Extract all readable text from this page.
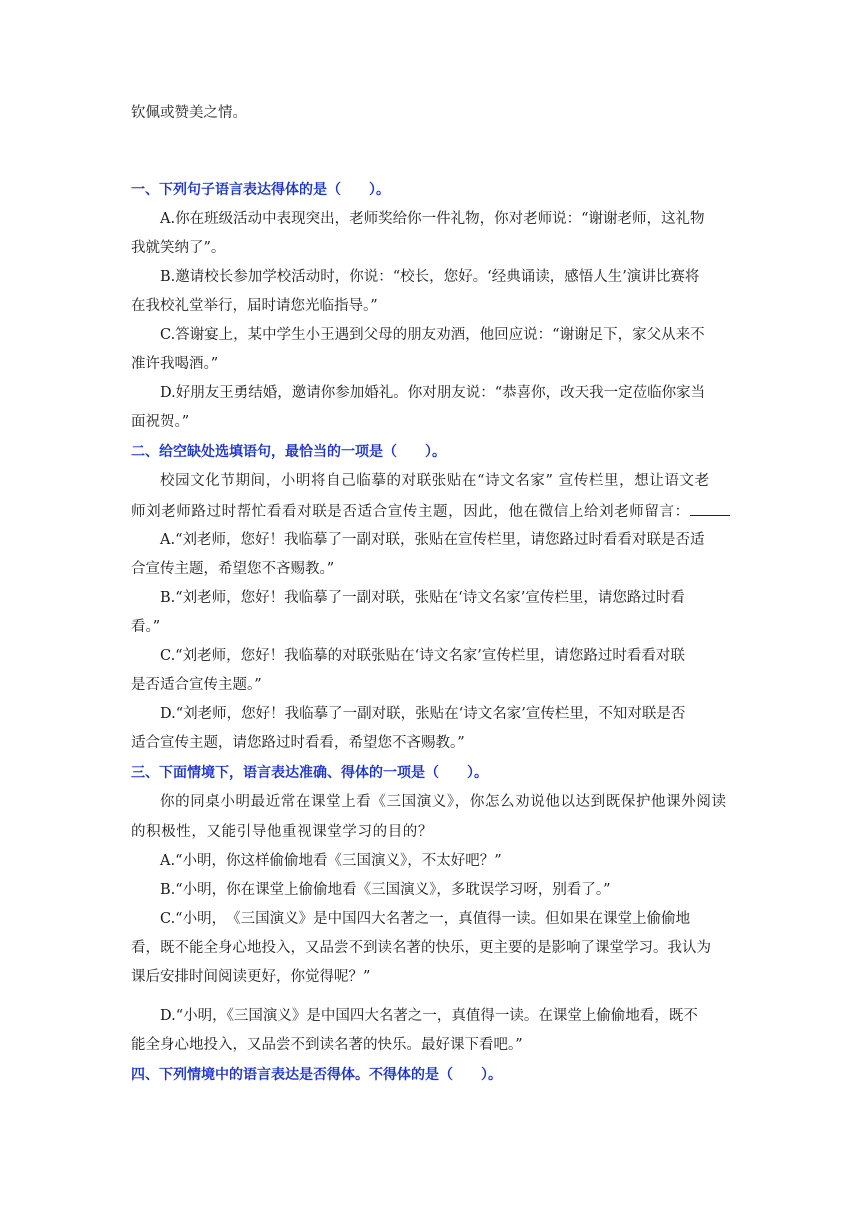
钦佩或赞美之情。
一、下列句子语言表达得体的是（　　）。
A.你在班级活动中表现突出，老师奖给你一件礼物，你对老师说：“谢谢老师，这礼物
我就笑纳了”。
B.邀请校长参加学校活动时，你说：“校长，您好。‘经典诵读，感悟人生’演讲比赛将
在我校礼堂举行，届时请您光临指导。”
C.答谢宴上，某中学生小王遇到父母的朋友劝酒，他回应说：“谢谢足下，家父从来不
准许我喝酒。”
D.好朋友王勇结婚，邀请你参加婚礼。你对朋友说：“恭喜你，改天我一定莅临你家当
面祝贺。”
二、给空缺处选填语句，最恰当的一项是（　　）。
校园文化节期间，小明将自己临摹的对联张贴在“诗文名家” 宣传栏里，想让语文老
师刘老师路过时帮忙看看对联是否适合宣传主题，因此，他在微信上给刘老师留言：
A.“刘老师，您好！我临摹了一副对联，张贴在宣传栏里，请您路过时看看对联是否适
合宣传主题，希望您不吝赐教。”
B.“刘老师，您好！我临摹了一副对联，张贴在‘诗文名家’宣传栏里，请您路过时看
看。”
C.“刘老师，您好！我临摹的对联张贴在‘诗文名家’宣传栏里，请您路过时看看对联
是否适合宣传主题。”
D.“刘老师，您好！我临摹了一副对联，张贴在‘诗文名家’宣传栏里，不知对联是否
适合宣传主题，请您路过时看看，希望您不吝赐教。”
三、下面情境下，语言表达准确、得体的一项是（　　）。
你的同桌小明最近常在课堂上看《三国演义》，你怎么劝说他以达到既保护他课外阅读
的积极性，又能引导他重视课堂学习的目的？
A.“小明，你这样偷偷地看《三国演义》，不太好吧？”
B.“小明，你在课堂上偷偷地看《三国演义》，多耽误学习呀，别看了。”
C.“小明，　《三国演义》是中国四大名著之一，真值得一读。但如果在课堂上偷偷地
看，既不能全身心地投入，又品尝不到读名著的快乐，更主要的是影响了课堂学习。我认为
课后安排时间阅读更好，你觉得呢？”
D.“小明，《三国演义》是中国四大名著之一，真值得一读。在课堂上偷偷地看，既不
能全身心地投入，又品尝不到读名著的快乐。最好课下看吧。”
四、下列情境中的语言表达是否得体。不得体的是（　　）。
